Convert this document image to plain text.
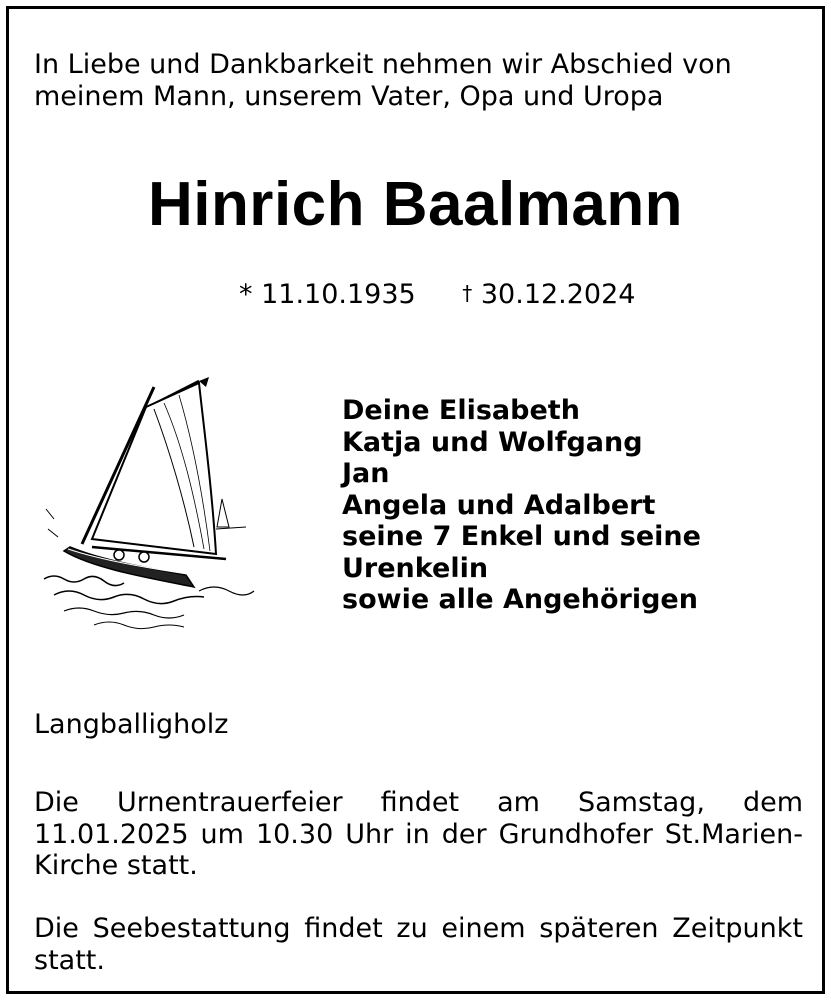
In Liebe und Dankbarkeit nehmen wir Abschied von meinem Mann, unserem Vater, Opa und Uropa
Hinrich Baalmann
* 11.10.1935 † 30.12.2024
Deine Elisabeth
Katja und Wolfgang
Jan
Angela und Adalbert
seine 7 Enkel und seine
Urenkelin
sowie alle Angehörigen
Langballigholz
Die Urnentrauerfeier findet am Samstag, dem 11.01.2025 um 10.30 Uhr in der Grundhofer St.Marien-Kirche statt.
Die Seebestattung findet zu einem späteren Zeitpunkt statt.
